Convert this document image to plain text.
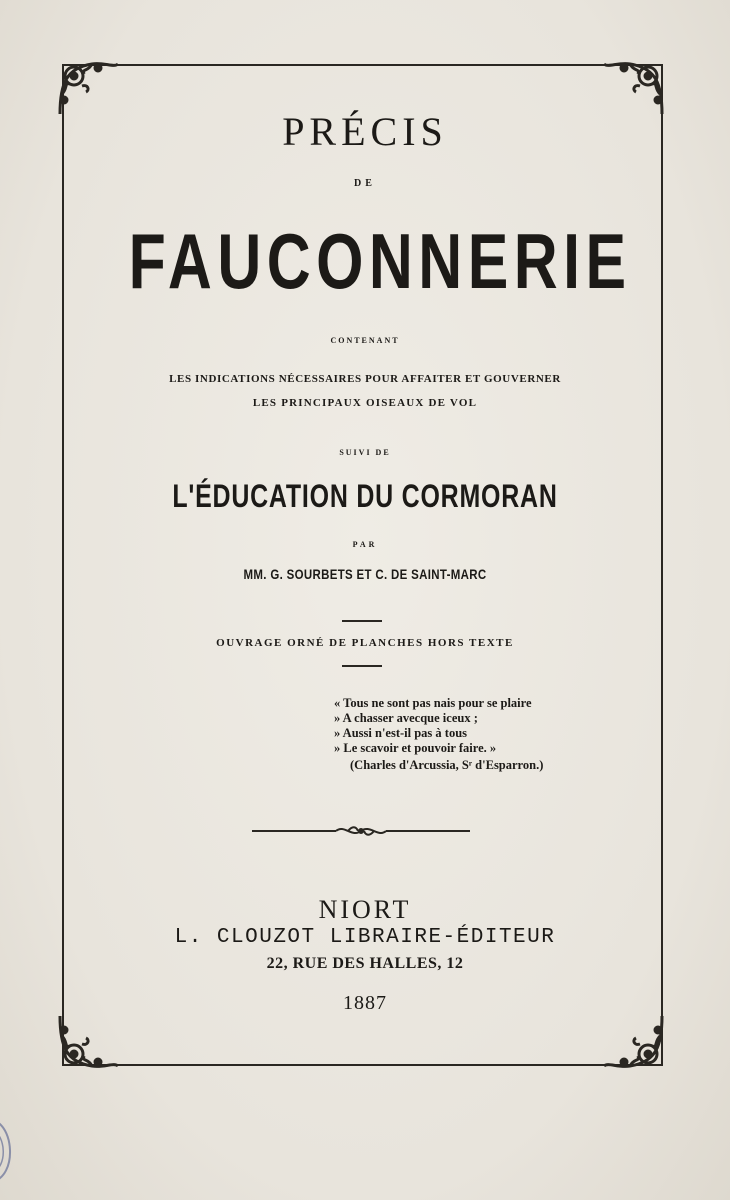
PRÉCIS
DE
FAUCONNERIE
CONTENANT
LES INDICATIONS NÉCESSAIRES POUR AFFAITER ET GOUVERNER
LES PRINCIPAUX OISEAUX DE VOL
SUIVI DE
L'ÉDUCATION DU CORMORAN
PAR
MM. G. SOURBETS ET C. DE SAINT-MARC
OUVRAGE ORNÉ DE PLANCHES HORS TEXTE
« Tous ne sont pas nais pour se plaire
» A chasser avecque iceux ;
» Aussi n'est-il pas à tous
» Le scavoir et pouvoir faire. »
(Charles d'Arcussia, Sʳ d'Esparron.)
NIORT
L. CLOUZOT LIBRAIRE-ÉDITEUR
22, RUE DES HALLES, 12
1887
